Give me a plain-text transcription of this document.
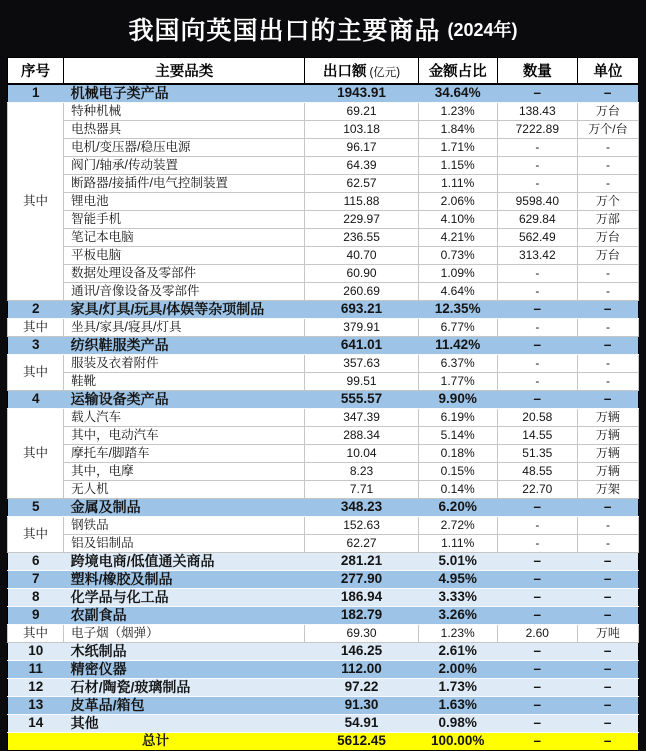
我国向英国出口的主要商品 (2024年)
序号	主要品类	出口额 (亿元)	金额占比	数量	单位
1	机械电子类产品	1943.91	34.64%	–	–
其中	特种机械	69.21	1.23%	138.43	万台
	电热器具	103.18	1.84%	7222.89	万个/台
	电机/变压器/稳压电源	96.17	1.71%	-	-
	阀门/轴承/传动装置	64.39	1.15%	-	-
	断路器/接插件/电气控制装置	62.57	1.11%	-	-
	锂电池	115.88	2.06%	9598.40	万个
	智能手机	229.97	4.10%	629.84	万部
	笔记本电脑	236.55	4.21%	562.49	万台
	平板电脑	40.70	0.73%	313.42	万台
	数据处理设备及零部件	60.90	1.09%	-	-
	通讯/音像设备及零部件	260.69	4.64%	-	-
2	家具/灯具/玩具/体娱等杂项制品	693.21	12.35%	–	–
其中	坐具/家具/寝具/灯具	379.91	6.77%	-	-
3	纺织鞋服类产品	641.01	11.42%	–	–
其中	服装及衣着附件	357.63	6.37%	-	-
	鞋靴	99.51	1.77%	-	-
4	运输设备类产品	555.57	9.90%	–	–
其中	载人汽车	347.39	6.19%	20.58	万辆
	其中，电动汽车	288.34	5.14%	14.55	万辆
	摩托车/脚踏车	10.04	0.18%	51.35	万辆
	其中，电摩	8.23	0.15%	48.55	万辆
	无人机	7.71	0.14%	22.70	万架
5	金属及制品	348.23	6.20%	–	–
其中	钢铁品	152.63	2.72%	-	-
	铝及铝制品	62.27	1.11%	-	-
6	跨境电商/低值通关商品	281.21	5.01%	–	–
7	塑料/橡胶及制品	277.90	4.95%	–	–
8	化学品与化工品	186.94	3.33%	–	–
9	农副食品	182.79	3.26%	–	–
其中	电子烟（烟弹）	69.30	1.23%	2.60	万吨
10	木纸制品	146.25	2.61%	–	–
11	精密仪器	112.00	2.00%	–	–
12	石材/陶瓷/玻璃制品	97.22	1.73%	–	–
13	皮革品/箱包	91.30	1.63%	–	–
14	其他	54.91	0.98%	–	–
总计		5612.45	100.00%	–	–
